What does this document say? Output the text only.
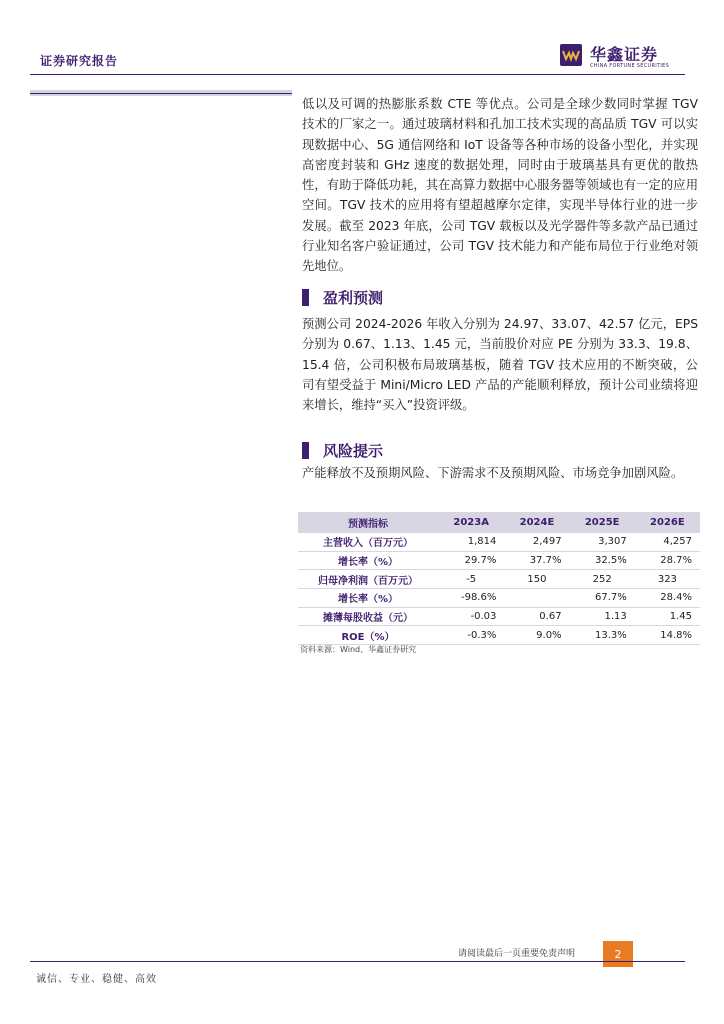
证券研究报告	华鑫证券
CHINA FORTUNE SECURITIES

低以及可调的热膨胀系数 CTE 等优点。公司是全球少数同时掌握 TGV 技术的厂家之一。通过玻璃材料和孔加工技术实现的高品质 TGV 可以实现数据中心、5G 通信网络和 IoT 设备等各种市场的设备小型化，并实现高密度封装和 GHz 速度的数据处理，同时由于玻璃基具有更优的散热性，有助于降低功耗，其在高算力数据中心服务器等领域也有一定的应用空间。TGV 技术的应用将有望超越摩尔定律，实现半导体行业的进一步发展。截至 2023 年底，公司 TGV 载板以及光学器件等多款产品已通过行业知名客户验证通过，公司 TGV 技术能力和产能布局位于行业绝对领先地位。

盈利预测

预测公司 2024-2026 年收入分别为 24.97、33.07、42.57 亿元，EPS 分别为 0.67、1.13、1.45 元，当前股价对应 PE 分别为 33.3、19.8、15.4 倍，公司积极布局玻璃基板，随着 TGV 技术应用的不断突破，公司有望受益于 Mini/Micro LED 产品的产能顺利释放，预计公司业绩将迎来增长，维持“买入”投资评级。

风险提示

产能释放不及预期风险、下游需求不及预期风险、市场竞争加剧风险。

预测指标	2023A	2024E	2025E	2026E
主营收入（百万元）	1,814	2,497	3,307	4,257
增长率（%）	29.7%	37.7%	32.5%	28.7%
归母净利润（百万元）	-5	150	252	323
增长率（%）	-98.6%		67.7%	28.4%
摊薄每股收益（元）	-0.03	0.67	1.13	1.45
ROE（%）	-0.3%	9.0%	13.3%	14.8%
资料来源：Wind、华鑫证券研究
请阅读最后一页重要免责声明	2
诚信、专业、稳健、高效
